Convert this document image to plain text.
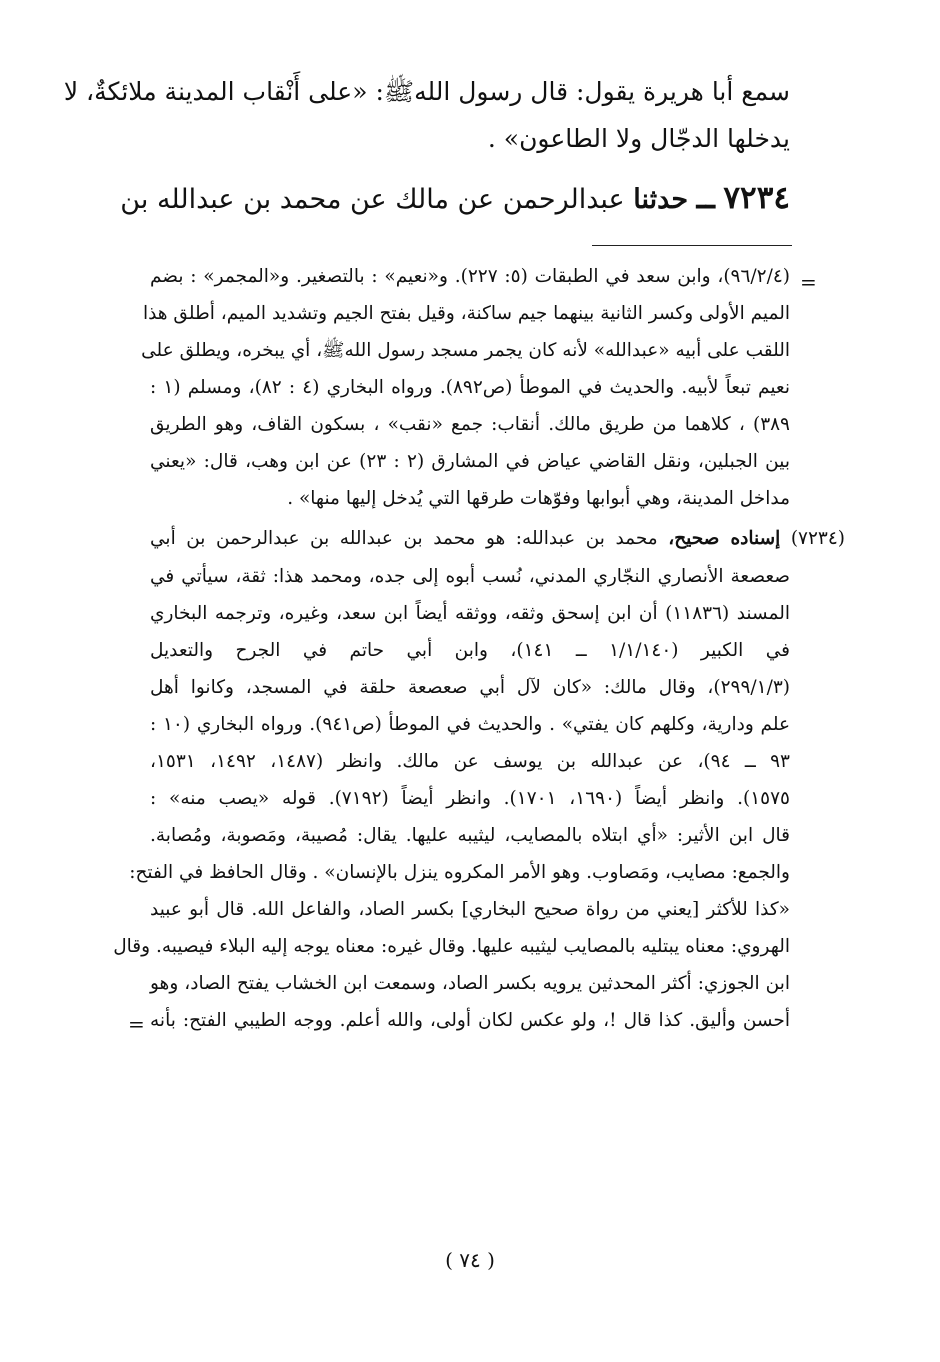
سمع أبا هريرة يقول: قال رسول اللهﷺ: «على أَنْقاب المدينة ملائكةٌ، لا
يدخلها الدجّال ولا الطاعون» .
٧٢٣٤ ــ حدثنا عبدالرحمن عن مالك عن محمد بن عبدالله بن
=
(٩٦/٢/٤)، وابن سعد في الطبقات (٥: ٢٢٧). و«نعيم» : بالتصغير. و«المجمر» : بضم
الميم الأولى وكسر الثانية بينهما جيم ساكنة، وقيل بفتح الجيم وتشديد الميم، أطلق هذا
اللقب على أبيه «عبدالله» لأنه كان يجمر مسجد رسول اللهﷺ، أي يبخره، ويطلق على
نعيم تبعاً لأبيه. والحديث في الموطأ (ص٨٩٢). ورواه البخاري (٤ : ٨٢)، ومسلم (١ :
٣٨٩) ، كلاهما من طريق مالك. أنقاب: جمع «نقب» ، بسكون القاف، وهو الطريق
بين الجبلين، ونقل القاضي عياض في المشارق (٢ : ٢٣) عن ابن وهب، قال: «يعني
مداخل المدينة، وهي أبوابها وفوّهات طرقها التي يُدخل إليها منها» .
(٧٢٣٤) إسناده صحيح، محمد بن عبدالله: هو محمد بن عبدالله بن عبدالرحمن بن أبي
صعصعة الأنصاري النجّاري المدني، نُسب أبوه إلى جده، ومحمد هذا: ثقة، سيأتي في
المسند (١١٨٣٦) أن ابن إسحق وثقه، ووثقه أيضاً ابن سعد، وغيره، وترجمه البخاري
في الكبير (١/١/١٤٠ ــ ١٤١)، وابن أبي حاتم في الجرح والتعديل
(٢٩٩/١/٣)، وقال مالك: «كان لآل أبي صعصعة حلقة في المسجد، وكانوا أهل
علم ودارية، وكلهم كان يفتي» . والحديث في الموطأ (ص٩٤١). ورواه البخاري (١٠ :
٩٣ ــ ٩٤)، عن عبدالله بن يوسف عن مالك. وانظر (١٤٨٧، ١٤٩٢، ١٥٣١،
١٥٧٥). وانظر أيضاً (١٦٩٠، ١٧٠١). وانظر أيضاً (٧١٩٢). قوله «يصب منه» :
قال ابن الأثير: «أي ابتلاه بالمصايب، ليثيبه عليها. يقال: مُصيبة، ومَصوبة، ومُصابة.
والجمع: مصايب، ومَصاوب. وهو الأمر المكروه ينزل بالإنسان» . وقال الحافظ في الفتح:
«كذا للأكثر [يعني من رواة صحيح البخاري] بكسر الصاد، والفاعل الله. قال أبو عبيد
الهروي: معناه يبتليه بالمصايب ليثيبه عليها. وقال غيره: معناه يوجه إليه البلاء فيصيبه. وقال
ابن الجوزي: أكثر المحدثين يرويه بكسر الصاد، وسمعت ابن الخشاب يفتح الصاد، وهو
أحسن وأليق. كذا قال !، ولو عكس لكان أولى، والله أعلم. ووجه الطيبي الفتح: بأنه
=
( ٧٤ )
